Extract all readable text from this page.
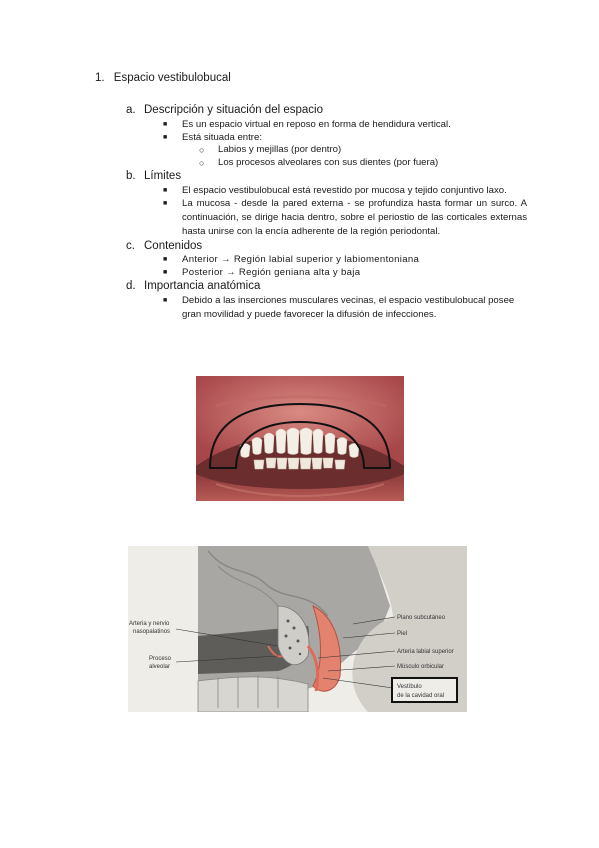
1. Espacio vestibulobucal
a. Descripción y situación del espacio
■ Es un espacio virtual en reposo en forma de hendidura vertical.
■ Está situada entre:
○ Labios y mejillas (por dentro)
○ Los procesos alveolares con sus dientes (por fuera)
b. Límites
■ El espacio vestibulobucal está revestido por mucosa y tejido conjuntivo laxo.
■ La mucosa - desde la pared externa - se profundiza hasta formar un surco. A continuación, se dirige hacia dentro, sobre el periostio de las corticales externas hasta unirse con la encía adherente de la región periodontal.
c. Contenidos
■ Anterior → Región labial superior y labiomentoniana
■ Posterior → Región geniana alta y baja
d. Importancia anatómica
■ Debido a las inserciones musculares vecinas, el espacio vestibulobucal posee gran movilidad y puede favorecer la difusión de infecciones.
Arteria y nervio
nasopalatinos
Proceso
alveolar
Plano subcutáneo
Piel
Arteria labial superior
Músculo orbicular
Vestíbulo
de la cavidad oral
